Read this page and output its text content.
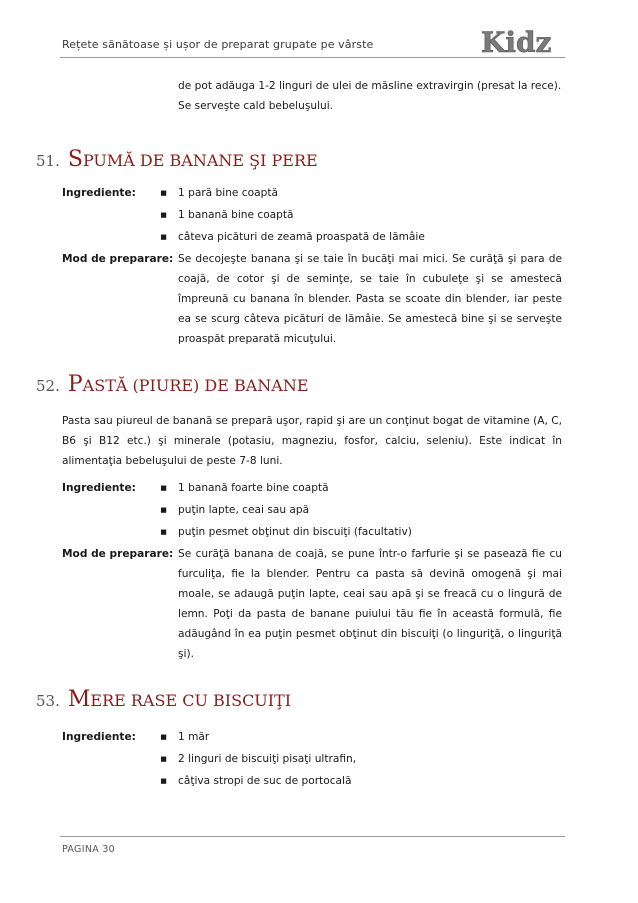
Rețete sănătoase și ușor de preparat grupate pe vârste	Kidz
de pot adăuga 1-2 linguri de ulei de măsline extravirgin (presat la rece).
Se serveşte cald bebeluşului.
51. S PUMĂ DE BANANE ŞI PERE
Ingrediente: ▪ 1 pară bine coaptă
▪ 1 banană bine coaptă
▪ câteva picături de zeamă proaspată de lămâie
Mod de preparare: Se decojeşte banana şi se taie în bucăţi mai mici. Se curăţă şi para de coajă, de cotor şi de seminţe, se taie în cubuleţe şi se amestecă împreună cu banana în blender. Pasta se scoate din blender, iar peste ea se scurg câteva picături de lămâie. Se amestecă bine şi se serveşte proaspăt preparată micuţului.
52. P ASTĂ (PIURE) DE BANANE
Pasta sau piureul de banană se prepară uşor, rapid şi are un conţinut bogat de vitamine (A, C, B6 şi B12 etc.) şi minerale (potasiu, magneziu, fosfor, calciu, seleniu). Este indicat în alimentaţia bebeluşului de peste 7-8 luni.
Ingrediente: ▪ 1 banană foarte bine coaptă
▪ puţin lapte, ceai sau apă
▪ puţin pesmet obţinut din biscuiţi (facultativ)
Mod de preparare: Se curăţă banana de coajă, se pune într-o farfurie şi se pasează fie cu furculiţa, fie la blender. Pentru ca pasta să devină omogenă şi mai moale, se adaugă puţin lapte, ceai sau apă şi se freacă cu o lingură de lemn. Poţi da pasta de banane puiului tău fie în această formulă, fie adăugând în ea puţin pesmet obţinut din biscuiţi (o linguriţă, o linguriţă şi).
53. M ERE RASE CU BISCUIŢI
Ingrediente: ▪ 1 măr
▪ 2 linguri de biscuiţi pisaţi ultrafin,
▪ câţiva stropi de suc de portocală
PAGINA 30
